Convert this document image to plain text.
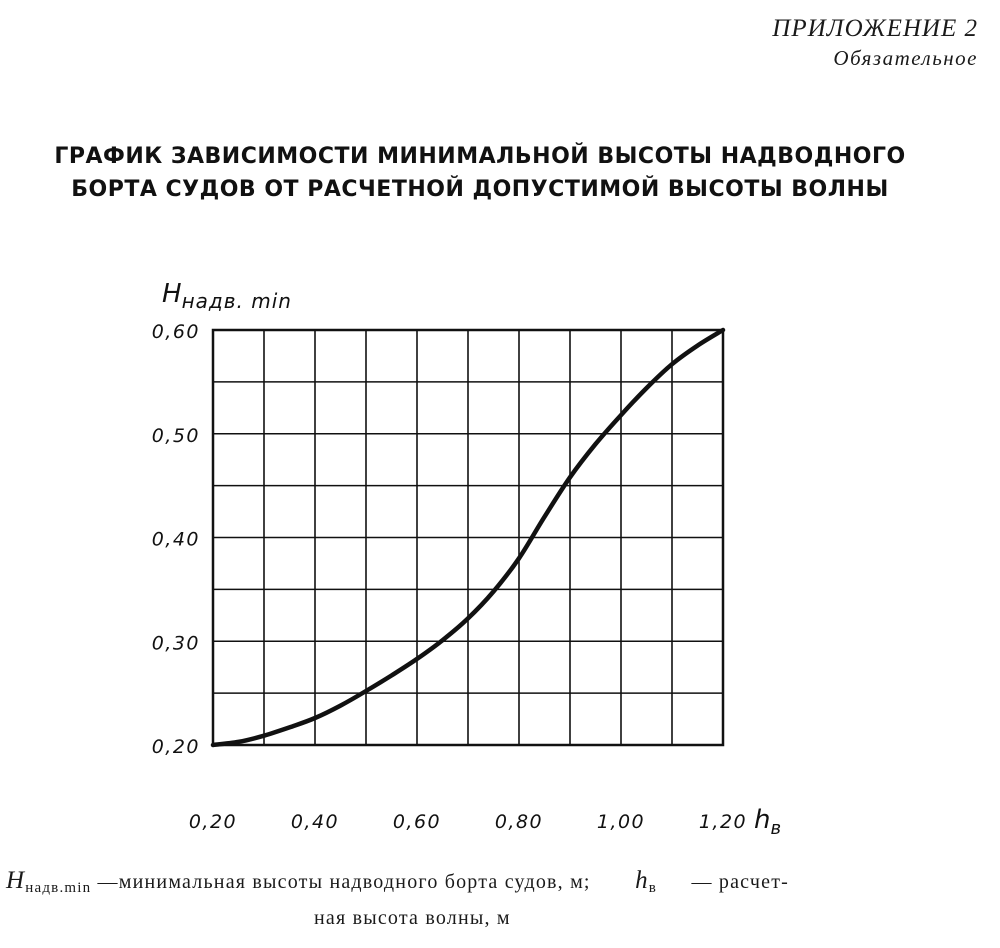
ПРИЛОЖЕНИЕ 2
Обязательное
ГРАФИК ЗАВИСИМОСТИ МИНИМАЛЬНОЙ ВЫСОТЫ НАДВОДНОГО
БОРТА СУДОВ ОТ РАСЧЕТНОЙ ДОПУСТИМОЙ ВЫСОТЫ ВОЛНЫ
0,20	0,40	0,60	0,80	1,00	1,20
0,20
0,30
0,40
0,50
0,60
Hнадв. min
hв
$H_{надв.min}$ —минимальная высоты надводного борта судов, м; $h_в$ — расчет-
ная высота волны, м
